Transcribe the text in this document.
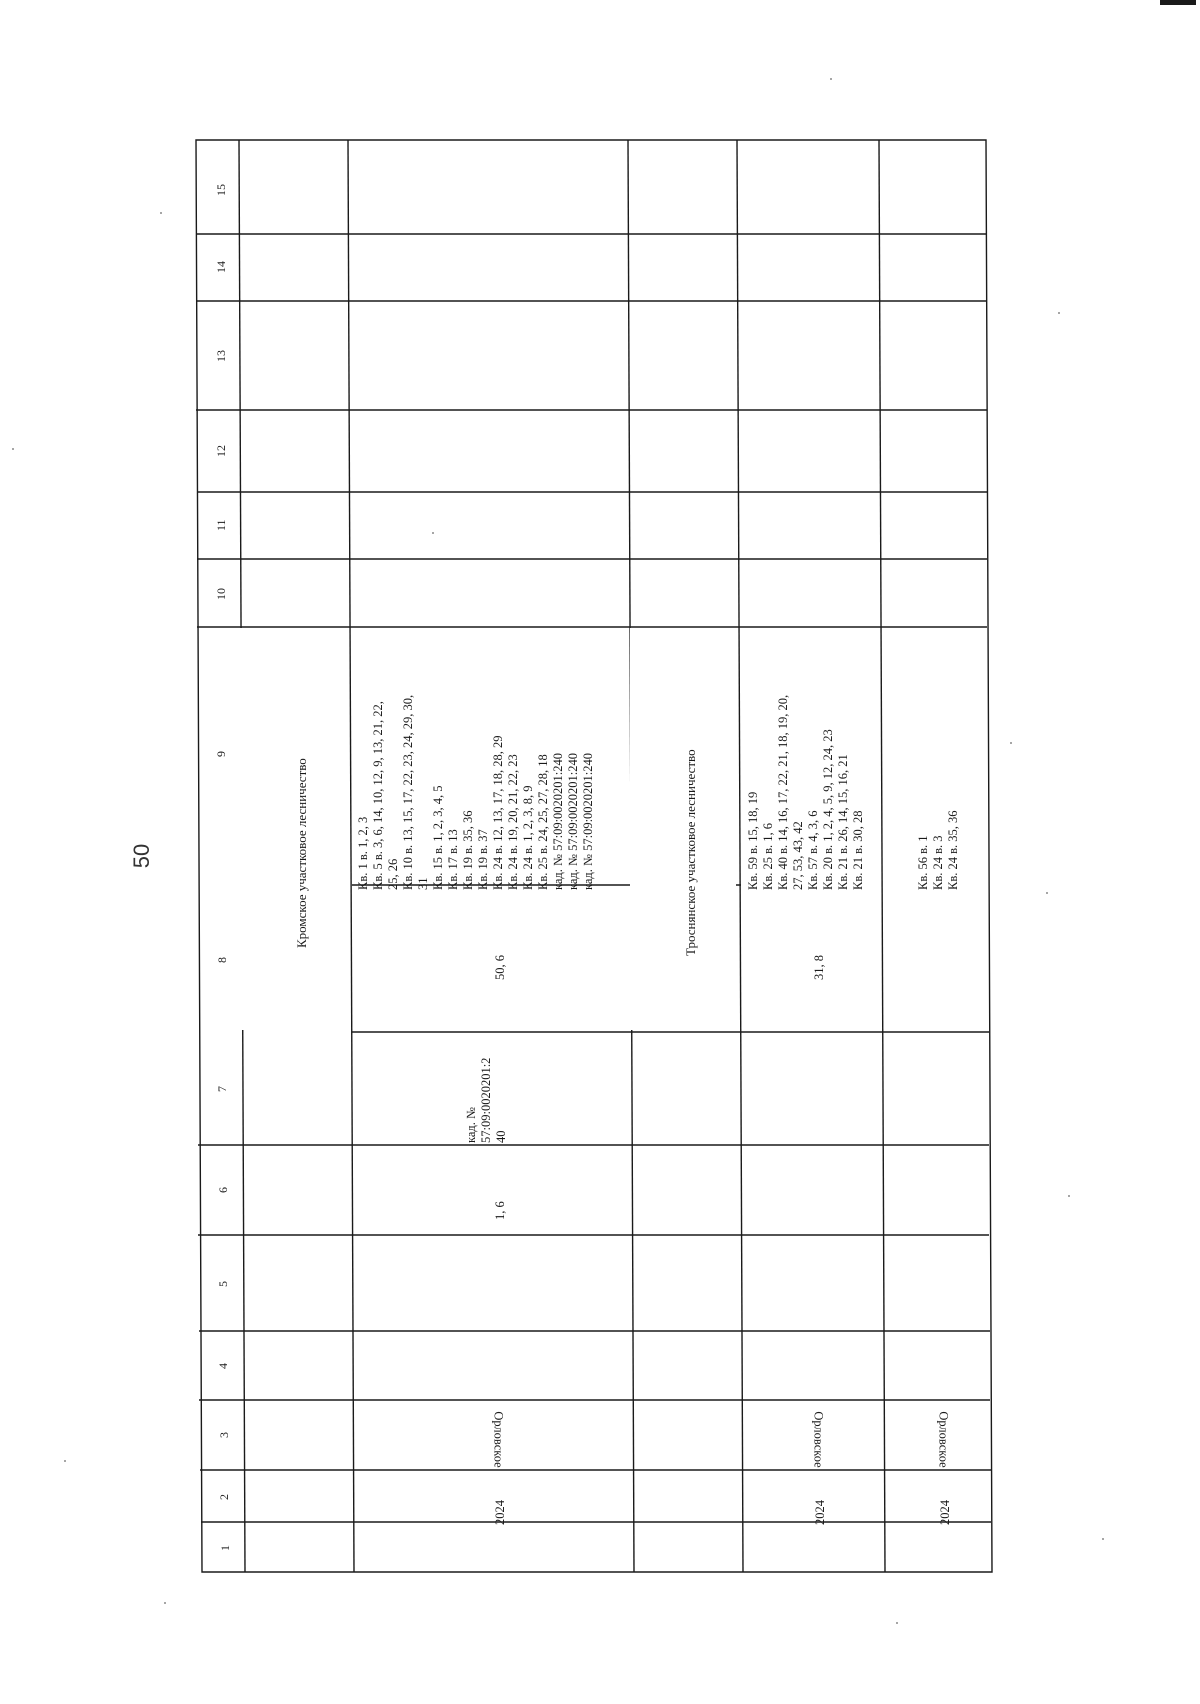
50
15
14
13
12
11
10
9
8
7
6
5
4
3
2
1
Кромское участковое лесничество	Троснянское участковое лесничество
2024
Орловское
1, 6
кад. № 57:09:0020201:2 40
50, 6
Кв. 1 в. 1, 2, 3 Кв. 5 в. 3, 6, 14, 10, 12, 9, 13, 21, 22, 25, 26 Кв. 10 в. 13, 15, 17, 22, 23, 24, 29, 30, 31 Кв. 15 в. 1, 2, 3, 4, 5 Кв. 17 в. 13 Кв. 19 в. 35, 36 Кв. 19 в. 37 Кв. 24 в. 12, 13, 17, 18, 28, 29 Кв. 24 в. 19, 20, 21, 22, 23 Кв. 24 в. 1, 2, 3, 8, 9 Кв. 25 в. 24, 25, 27, 28, 18 кад. № 57:09:0020201:240 кад. № 57:09:0020201:240 кад. № 57:09:0020201:240
2024
Орловское
31, 8
Кв. 59 в. 15, 18, 19 Кв. 25 в. 1, 6 Кв. 40 в. 14, 16, 17, 22, 21, 18, 19, 20, 27, 53, 43, 42 Кв. 57 в. 4, 3, 6 Кв. 20 в. 1, 2, 4, 5, 9, 12, 24, 23 Кв. 21 в. 26, 14, 15, 16, 21 Кв. 21 в. 30, 28
2024
Орловское
Кв. 56 в. 1 Кв. 24 в. 3 Кв. 24 в. 35, 36
